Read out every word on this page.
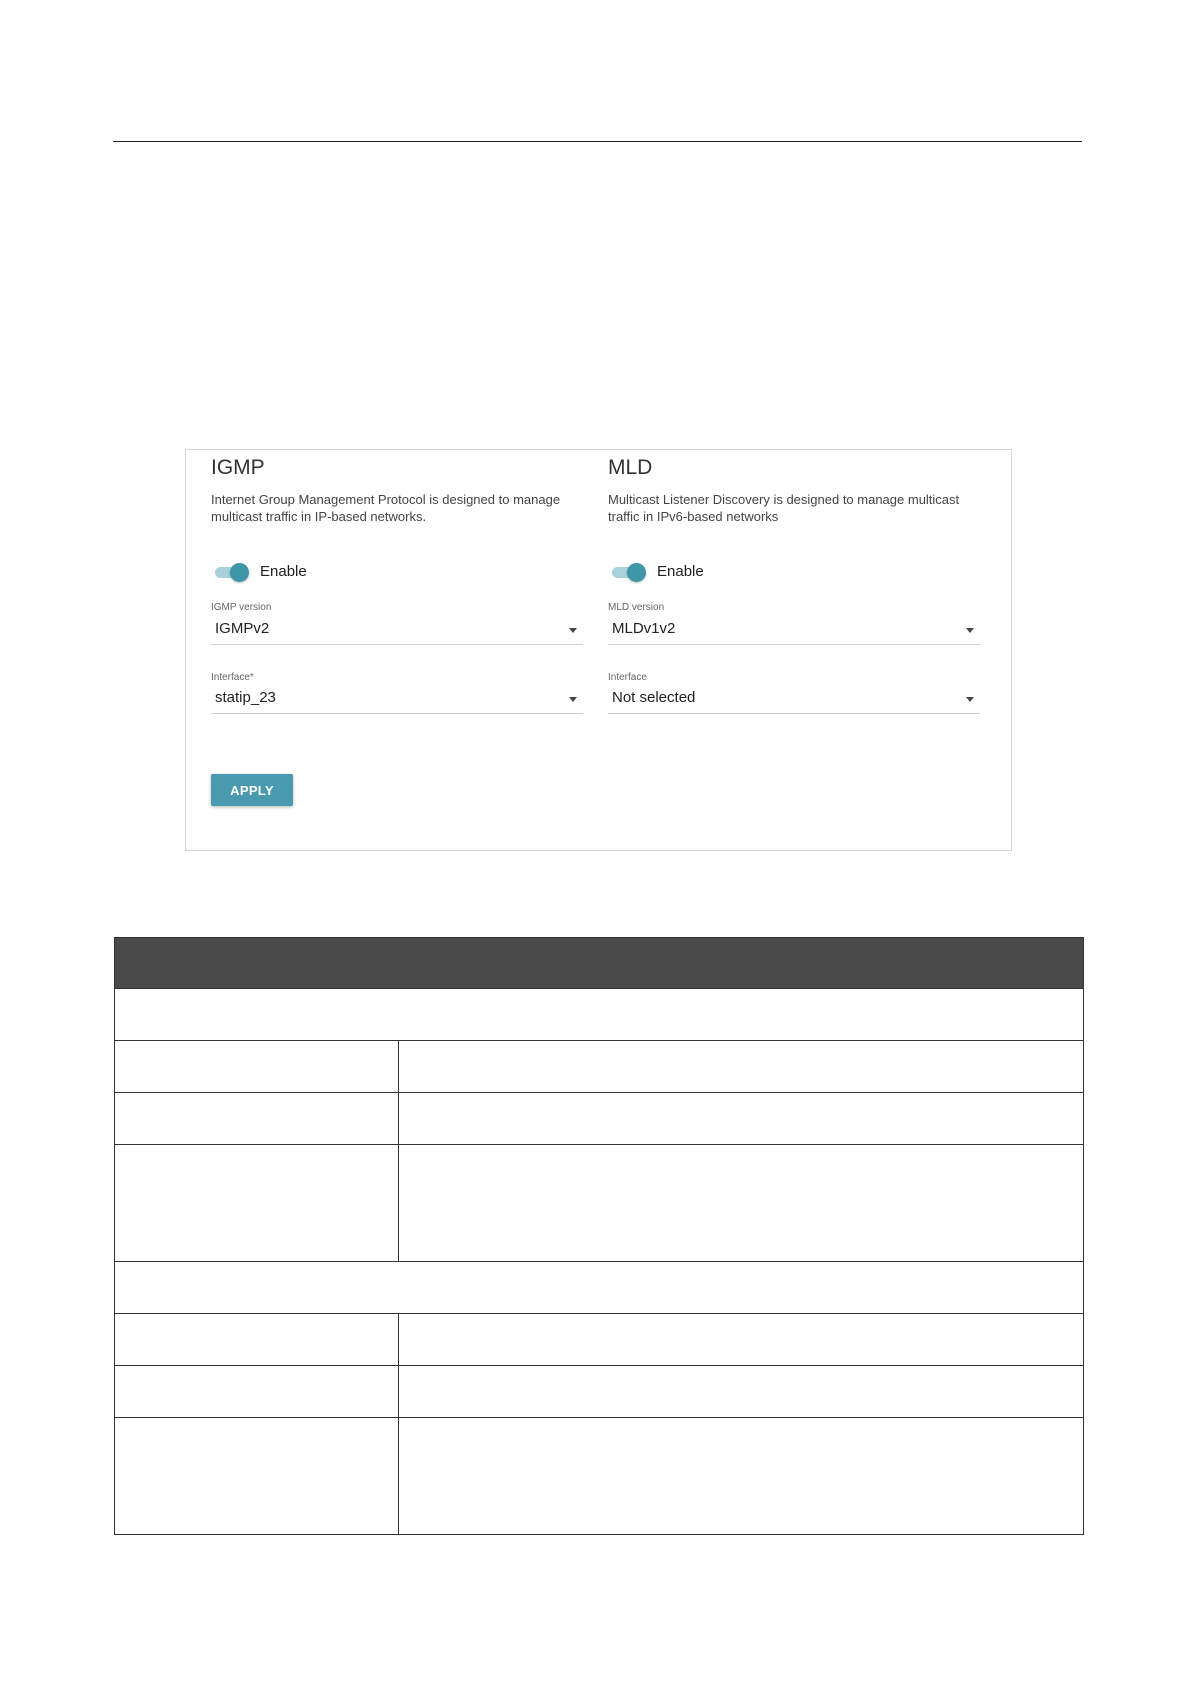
IGMP
Internet Group Management Protocol is designed to manage multicast traffic in IP-based networks.
Enable
IGMP version
IGMPv2
Interface*
statip_23
MLD
Multicast Listener Discovery is designed to manage multicast traffic in IPv6-based networks
Enable
MLD version
MLDv1v2
Interface
Not selected
APPLY
